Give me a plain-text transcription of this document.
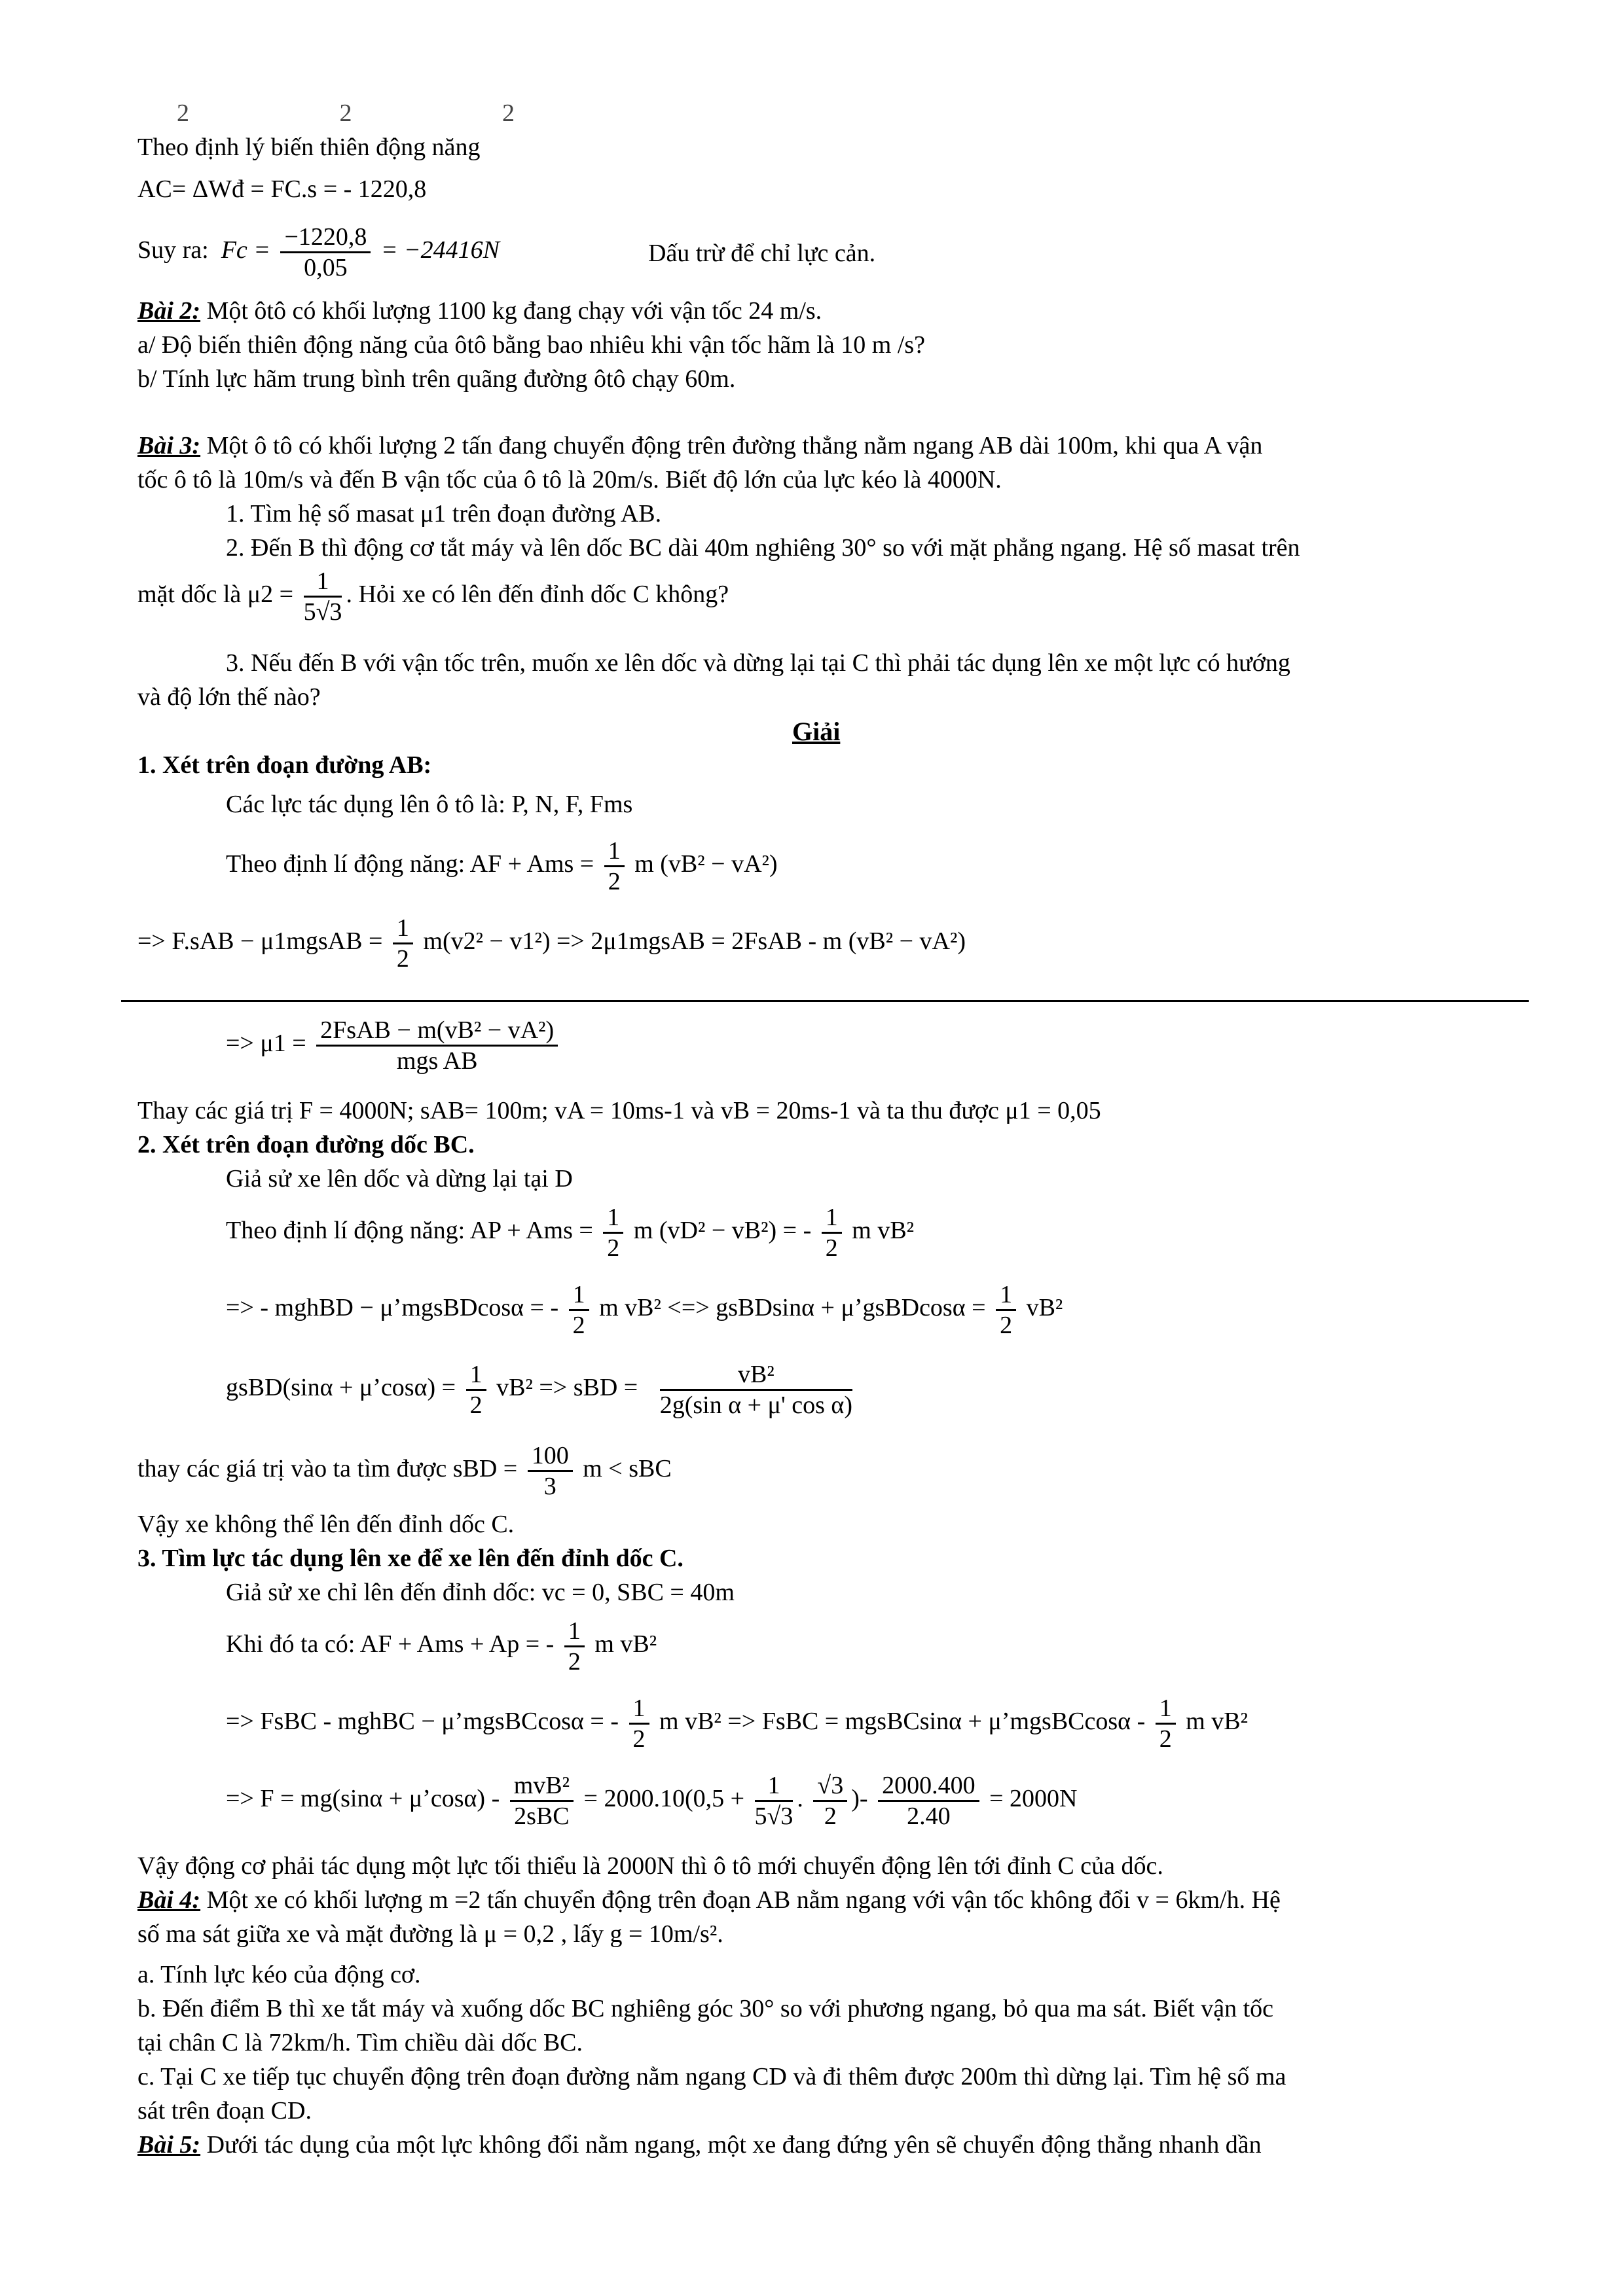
2 2 2
Theo định lý biến thiên động năng
AC= ΔWđ = FC.s = - 1220,8
Suy ra: $Fc = \frac{-1220,8}{0,05} = -24416N$	Dấu trừ để chỉ lực cản.
Bài 2: Một ôtô có khối lượng 1100 kg đang chạy với vận tốc 24 m/s.
a/ Độ biến thiên động năng của ôtô bằng bao nhiêu khi vận tốc hãm là 10 m /s?
b/ Tính lực hãm trung bình trên quãng đường ôtô chạy 60m.
Bài 3: Một ô tô có khối lượng 2 tấn đang chuyển động trên đường thẳng nằm ngang AB dài 100m, khi qua A vận
tốc ô tô là 10m/s và đến B vận tốc của ô tô là 20m/s. Biết độ lớn của lực kéo là 4000N.
1. Tìm hệ số masat μ1 trên đoạn đường AB.
2. Đến B thì động cơ tắt máy và lên dốc BC dài 40m nghiêng 30° so với mặt phẳng ngang. Hệ số masat trên
mặt dốc là $\mu 2 = \frac{1}{5√3}$ . Hỏi xe có lên đến đỉnh dốc C không?
3. Nếu đến B với vận tốc trên, muốn xe lên dốc và dừng lại tại C thì phải tác dụng lên xe một lực có hướng
và độ lớn thế nào?
Giải
1. Xét trên đoạn đường AB:
Các lực tác dụng lên ô tô là: P, N, F, Fms
Theo định lí động năng: AF + Ams = $\frac{1}{2}$ m (vB² − vA²)
=> F.sAB − μ1mgsAB = $\frac{1}{2} m(v2^2 - v1^2)$ => 2μ1mgsAB = 2FsAB - m (vB² − vA²)
=> $\mu 1 = \frac{\text{2FsAB − m(vB² − vA²)}}{\text{mgs AB}}$
Thay các giá trị F = 4000N; sAB= 100m; vA = 10ms-1 và vB = 20ms-1 và ta thu được μ1 = 0,05
2. Xét trên đoạn đường dốc BC.
Giả sử xe lên dốc và dừng lại tại D
Theo định lí động năng: AP + Ams = $\frac{1}{2}$ m (vD² − vB²) = - $\frac{1}{2}$ m vB²
=> - mghBD − μ’mgsBDcosα = - $\frac{1}{2}$ m vB² <=> gsBDsinα + μ’gsBDcosα = $\frac{1}{2} vB^2$
gsBD(sinα + μ’cosα) = $\frac{1}{2} vB^2$ => sBD = $\frac{\text{vB²}}{\text{2g(sin α + μ' cos α)}}$
thay các giá trị vào ta tìm được sBD = $\frac{100}{3}$ m < sBC
Vậy xe không thể lên đến đỉnh dốc C.
3. Tìm lực tác dụng lên xe để xe lên đến đỉnh dốc C.
Giả sử xe chỉ lên đến đỉnh dốc: vc = 0, SBC = 40m
Khi đó ta có: AF + Ams + Ap = - $\frac{1}{2}$ m vB²
=> FsBC - mghBC − μ’mgsBCcosα = - $\frac{1}{2}$ m vB² => FsBC = mgsBCsinα + μ’mgsBCcosα - $\frac{1}{2}$ m vB²
=> F = mg(sinα + μ’cosα) - $\frac{\text{mvB²}}{\text{2sBC}} = 2000.10(0,5 + \frac{1}{5√3}$ . $\frac{√3}{2}$ )- $\frac{2000.400}{2.40} = 2000N$
Vậy động cơ phải tác dụng một lực tối thiểu là 2000N thì ô tô mới chuyển động lên tới đỉnh C của dốc.
Bài 4: Một xe có khối lượng m =2 tấn chuyển động trên đoạn AB nằm ngang với vận tốc không đổi v = 6km/h. Hệ
số ma sát giữa xe và mặt đường là μ = 0,2 , lấy g = 10m/s².
a. Tính lực kéo của động cơ.
b. Đến điểm B thì xe tắt máy và xuống dốc BC nghiêng góc 30° so với phương ngang, bỏ qua ma sát. Biết vận tốc
tại chân C là 72km/h. Tìm chiều dài dốc BC.
c. Tại C xe tiếp tục chuyển động trên đoạn đường nằm ngang CD và đi thêm được 200m thì dừng lại. Tìm hệ số ma
sát trên đoạn CD.
Bài 5: Dưới tác dụng của một lực không đổi nằm ngang, một xe đang đứng yên sẽ chuyển động thẳng nhanh dần
